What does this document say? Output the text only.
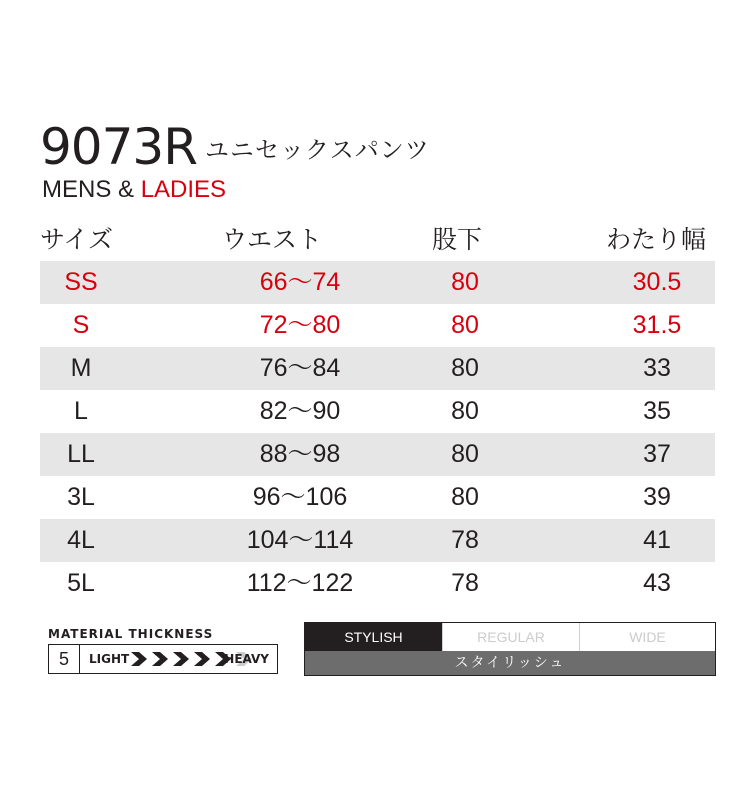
9073R ユニセックスパンツ
MENS & LADIES
サイズ	ウエスト	股下	わたり幅
SS	66〜74	80	30.5
S	72〜80	80	31.5
M	76〜84	80	33
L	82〜90	80	35
LL	88〜98	80	37
3L	96〜106	80	39
4L	104〜114	78	41
5L	112〜122	78	43
MATERIAL THICKNESS
5	LIGHT	HEAVY
STYLISH	REGULAR	WIDE
スタイリッシュ
